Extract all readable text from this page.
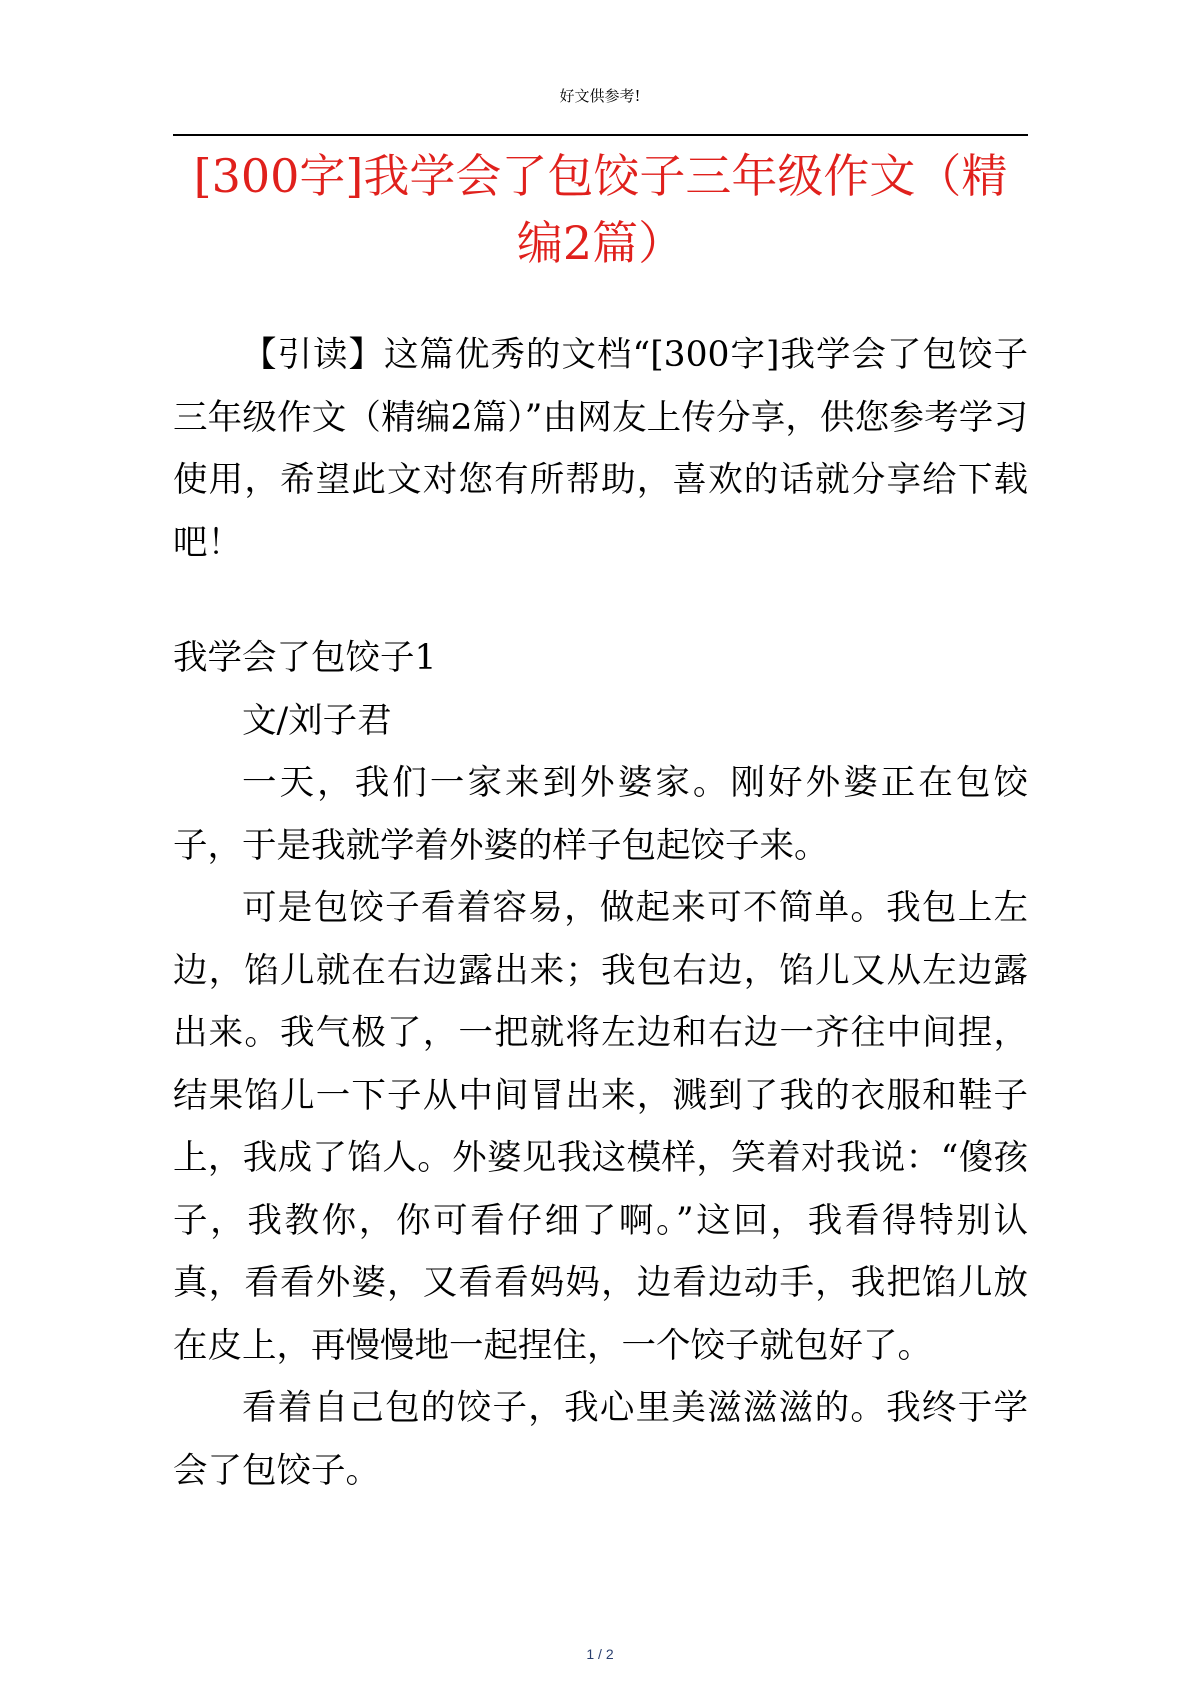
好文供参考!
[300字]我学会了包饺子三年级作文（精编2篇）

【引读】这篇优秀的文档“[300字]我学会了包饺子三年级作文（精编2篇）”由网友上传分享，供您参考学习使用，希望此文对您有所帮助，喜欢的话就分享给下载吧！

我学会了包饺子1

文/刘子君

一天，我们一家来到外婆家。刚好外婆正在包饺子，于是我就学着外婆的样子包起饺子来。

可是包饺子看着容易，做起来可不简单。我包上左边，馅儿就在右边露出来；我包右边，馅儿又从左边露出来。我气极了，一把就将左边和右边一齐往中间捏，结果馅儿一下子从中间冒出来，溅到了我的衣服和鞋子上，我成了馅人。外婆见我这模样，笑着对我说：“傻孩子，我教你，你可看仔细了啊。”这回，我看得特别认真，看看外婆，又看看妈妈，边看边动手，我把馅儿放在皮上，再慢慢地一起捏住，一个饺子就包好了。

看着自己包的饺子，我心里美滋滋滋的。我终于学会了包饺子。

1 / 2
